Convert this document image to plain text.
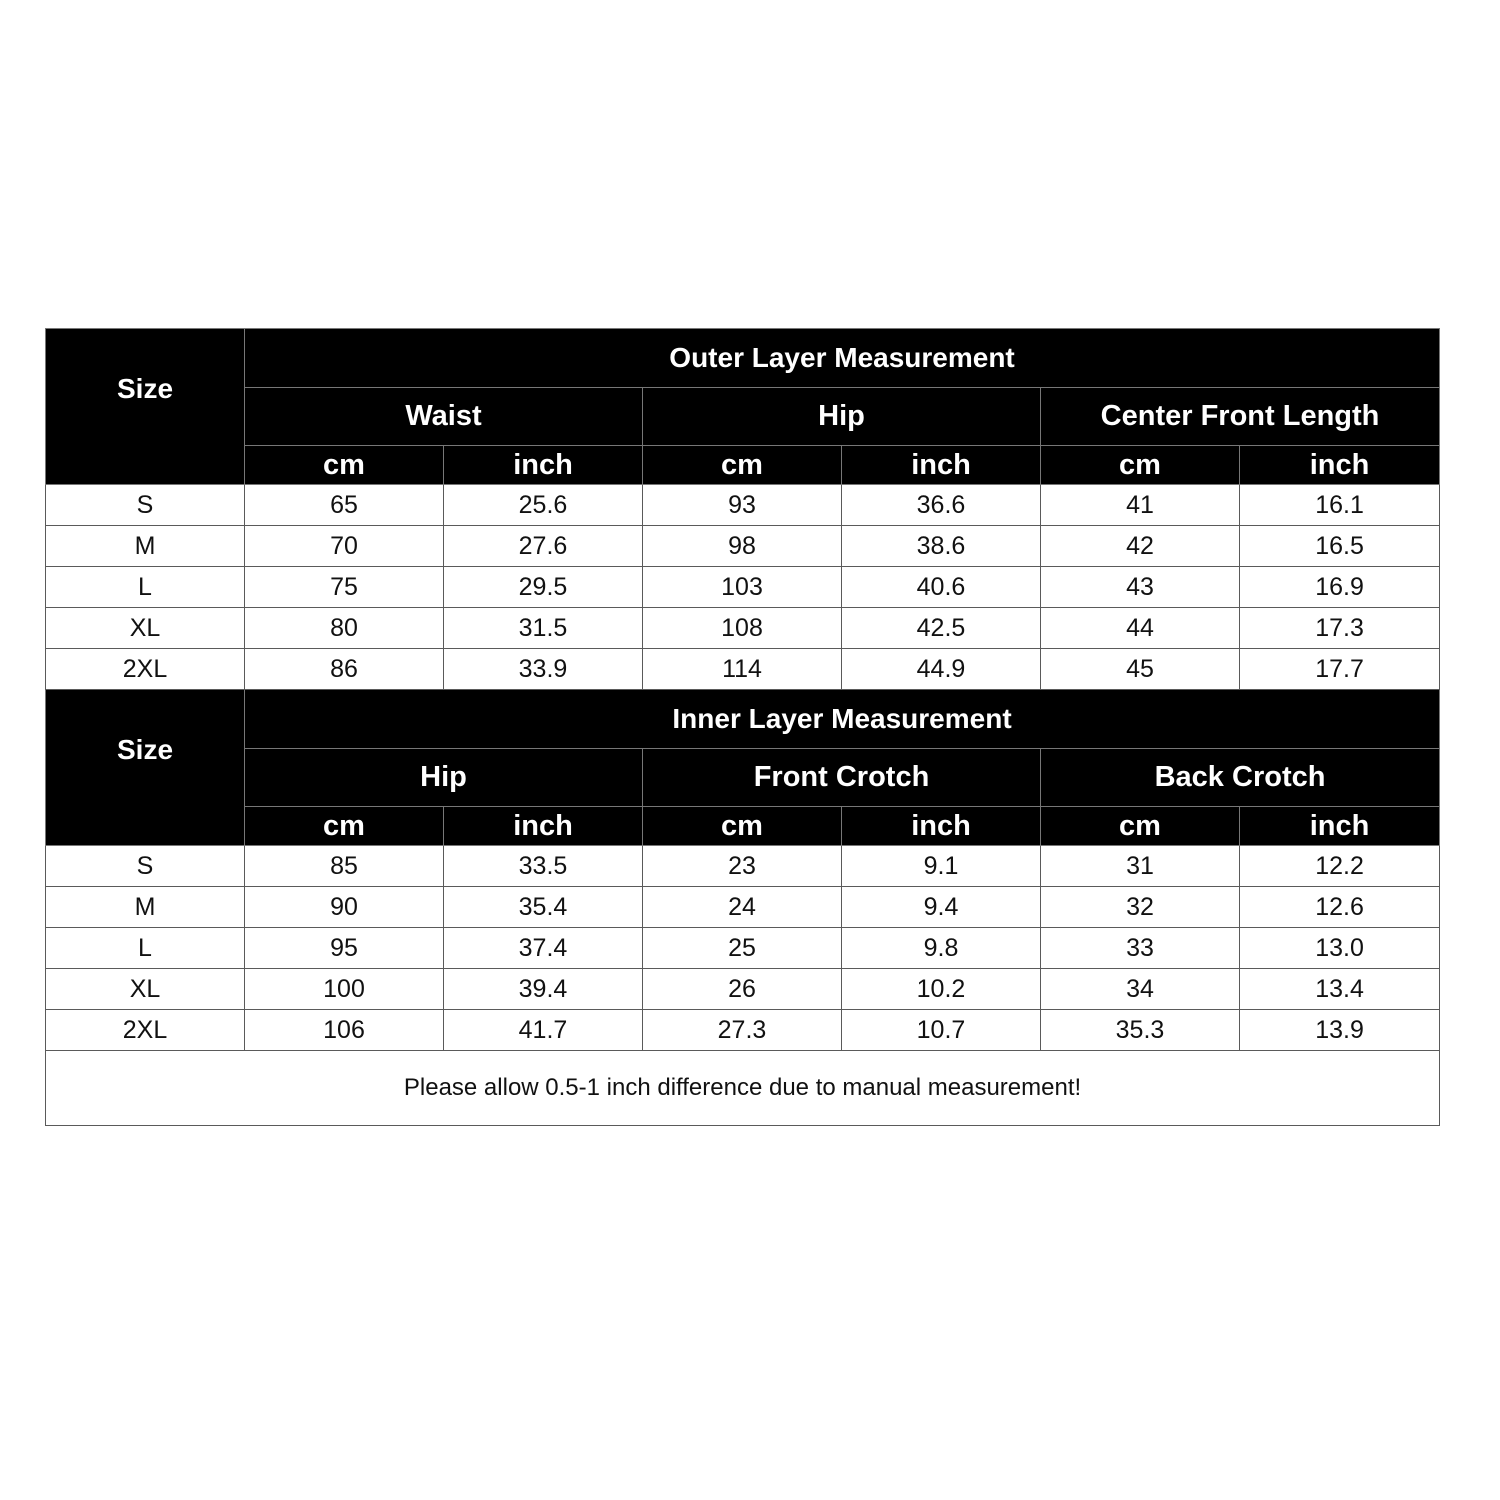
Size	Outer Layer Measurement					
	Waist		Hip		Center Front Length	
	cm	inch	cm	inch	cm	inch
S	65	25.6	93	36.6	41	16.1
M	70	27.6	98	38.6	42	16.5
L	75	29.5	103	40.6	43	16.9
XL	80	31.5	108	42.5	44	17.3
2XL	86	33.9	114	44.9	45	17.7
Size	Inner Layer Measurement					
	Hip		Front Crotch		Back Crotch	
	cm	inch	cm	inch	cm	inch
S	85	33.5	23	9.1	31	12.2
M	90	35.4	24	9.4	32	12.6
L	95	37.4	25	9.8	33	13.0
XL	100	39.4	26	10.2	34	13.4
2XL	106	41.7	27.3	10.7	35.3	13.9
Please allow 0.5-1 inch difference due to manual measurement!						
